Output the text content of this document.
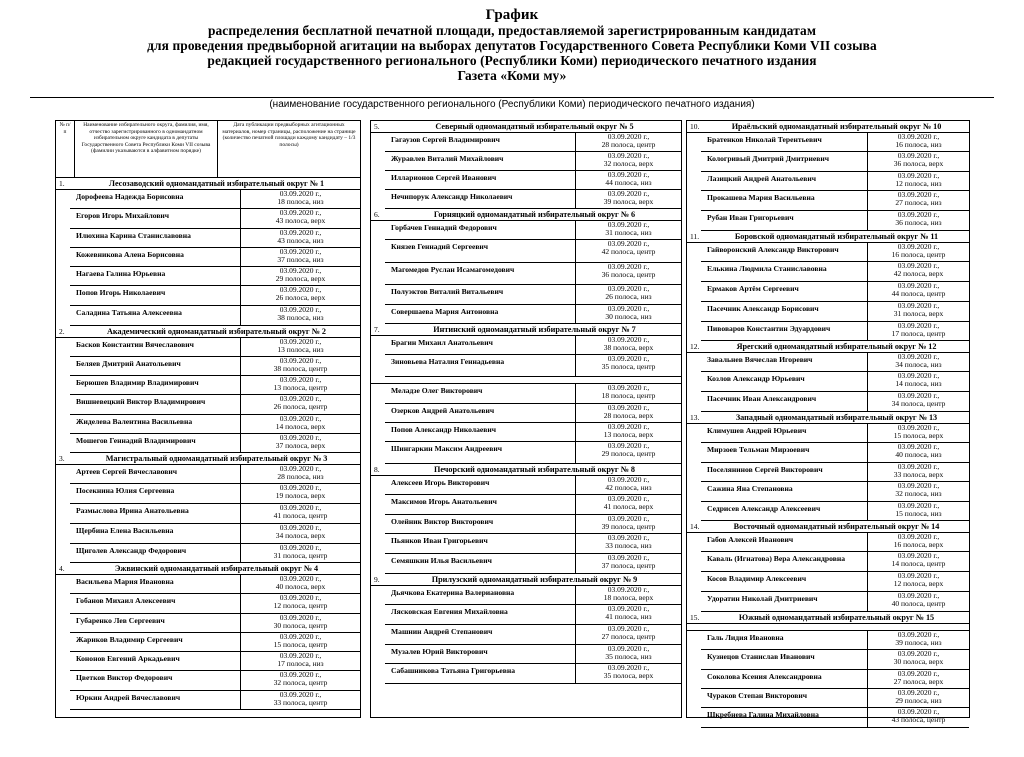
График
распределения бесплатной печатной площади, предоставляемой зарегистрированным кандидатам
для проведения предвыборной агитации на выборах депутатов Государственного Совета Республики Коми VII созыва
редакцией государственного регионального (Республики Коми) периодического печатного издания
Газета «Коми му»
(наименование государственного регионального (Республики Коми) периодического печатного издания)
№ п/п
Наименование избирательного округа, фамилия, имя, отчество зарегистрированного в одномандатном избирательном округе кандидата в депутаты Государственного Совета Республики Коми VII созыва (фамилии указываются в алфавитном порядке)
Дата публикации предвыборных агитационных материалов, номер страницы, расположение на странице (количество печатной площади каждому кандидату – 1/3 полосы)
1.	Лесозаводский одномандатный избирательный округ № 1
Дорофеева Надежда Борисовна	03.09.2020 г.,
18 полоса, низ
Егоров Игорь Михайлович	03.09.2020 г.,
43 полоса, верх
Илюхина Карина Станиславовна	03.09.2020 г.,
43 полоса, низ
Кожевникова Алена Борисовна	03.09.2020 г.,
37 полоса, низ
Нагаева Галина Юрьевна	03.09.2020 г.,
29 полоса, верх
Попов Игорь Николаевич	03.09.2020 г.,
26 полоса, верх
Саладина Татьяна Алексеевна	03.09.2020 г.,
38 полоса, низ
2.	Академический одномандатный избирательный округ № 2
Басков Константин Вячеславович	03.09.2020 г.,
13 полоса, низ
Беляев Дмитрий Анатольевич	03.09.2020 г.,
38 полоса, центр
Берюшев Владимир Владимирович	03.09.2020 г.,
13 полоса, центр
Вишневецкий Виктор Владимирович	03.09.2020 г.,
26 полоса, центр
Жиделева Валентина Васильевна	03.09.2020 г.,
14 полоса, верх
Мошегов Геннадий Владимирович	03.09.2020 г.,
37 полоса, верх
3.	Магистральный одномандатный избирательный округ № 3
Артеев Сергей Вячеславович	03.09.2020 г.,
28 полоса, низ
Посекнина Юлия Сергеевна	03.09.2020 г.,
19 полоса, верх
Размыслова Ирина Анатольевна	03.09.2020 г.,
41 полоса, центр
Щербина Елена Васильевна	03.09.2020 г.,
34 полоса, верх
Щиголев Александр Федорович	03.09.2020 г.,
31 полоса, центр
4.	Эжвинский одномандатный избирательный округ № 4
Васильева Мария Ивановна	03.09.2020 г.,
40 полоса, верх
Гобанов Михаил Алексеевич	03.09.2020 г.,
12 полоса, центр
Губаренко Лев Сергеевич	03.09.2020 г.,
30 полоса, центр
Жариков Владимир Сергеевич	03.09.2020 г.,
15 полоса, центр
Кононов Евгений Аркадьевич	03.09.2020 г.,
17 полоса, низ
Цветков Виктор Федорович	03.09.2020 г.,
32 полоса, центр
Юркин Андрей Вячеславович	03.09.2020 г.,
33 полоса, центр
5.	Северный одномандатный избирательный округ № 5
Гагаузов Сергей Владимирович	03.09.2020 г.,
28 полоса, центр
Журавлев Виталий Михайлович	03.09.2020 г.,
32 полоса, верх
Илларионов Сергей Иванович	03.09.2020 г.,
44 полоса, низ
Нечипорук Александр Николаевич	03.09.2020 г.,
39 полоса, верх
6.	Горняцкий одномандатный избирательный округ № 6
Горбачев Геннадий Федорович	03.09.2020 г.,
31 полоса, низ
Князев Геннадий Сергеевич	03.09.2020 г.,
42 полоса, центр
Магомедов Руслан Исамагомедович	03.09.2020 г.,
36 полоса, центр
Полуэктов Виталий Витальевич	03.09.2020 г.,
26 полоса, низ
Совершаева Мария Антоновна	03.09.2020 г.,
30 полоса, низ
7.	Интинский одномандатный избирательный округ № 7
Брагин Михаил Анатольевич	03.09.2020 г.,
38 полоса, верх
Зиновьева Наталия Геннадьевна	03.09.2020 г.,
35 полоса, центр
Меладзе Олег Викторович	03.09.2020 г.,
18 полоса, центр
Озерков Андрей Анатольевич	03.09.2020 г.,
28 полоса, верх
Попов Александр Николаевич	03.09.2020 г.,
13 полоса, верх
Шингаркин Максим Андреевич	03.09.2020 г.,
29 полоса, центр
8.	Печорский одномандатный избирательный округ № 8
Алексеев Игорь Викторович	03.09.2020 г.,
42 полоса, низ
Максимов Игорь Анатольевич	03.09.2020 г.,
41 полоса, верх
Олейник Виктор Викторович	03.09.2020 г.,
39 полоса, центр
Пьянков Иван Григорьевич	03.09.2020 г.,
33 полоса, низ
Семяшкин Илья Васильевич	03.09.2020 г.,
37 полоса, центр
9.	Прилузский одномандатный избирательный округ № 9
Дьячкова Екатерина Валериановна	03.09.2020 г.,
18 полоса, верх
Лясковская Евгения Михайловна	03.09.2020 г.,
41 полоса, низ
Машнин Андрей Степанович	03.09.2020 г.,
27 полоса, центр
Музалев Юрий Викторович	03.09.2020 г.,
35 полоса, низ
Сабашникова Татьяна Григорьевна	03.09.2020 г.,
35 полоса, верх
10.	Ираёльский одномандатный избирательный округ № 10
Братенков Николай Терентьевич	03.09.2020 г.,
16 полоса, низ
Кологривый Дмитрий Дмитриевич	03.09.2020 г.,
36 полоса, верх
Лазицкий Андрей Анатольевич	03.09.2020 г.,
12 полоса, низ
Прокашева Мария Васильевна	03.09.2020 г.,
27 полоса, низ
Рубан Иван Григорьевич	03.09.2020 г.,
36 полоса, низ
11.	Боровской одномандатный избирательный округ № 11
Гайворонский Александр Викторович	03.09.2020 г.,
16 полоса, центр
Елькина Людмила Станиславовна	03.09.2020 г.,
42 полоса, верх
Ермаков Артём Сергеевич	03.09.2020 г.,
44 полоса, центр
Пасечник Александр Борисович	03.09.2020 г.,
31 полоса, верх
Пивоваров Константин Эдуардович	03.09.2020 г.,
17 полоса, центр
12.	Ярегский одномандатный избирательный округ № 12
Завальнев Вячеслав Игоревич	03.09.2020 г.,
34 полоса, низ
Козлов Александр Юрьевич	03.09.2020 г.,
14 полоса, низ
Пасечник Иван Александрович	03.09.2020 г.,
34 полоса, центр
13.	Западный одномандатный избирательный округ № 13
Климушев Андрей Юрьевич	03.09.2020 г.,
15 полоса, верх
Мирзоев Тельман Мирзоевич	03.09.2020 г.,
40 полоса, низ
Поселянинов Сергей Викторович	03.09.2020 г.,
33 полоса, верх
Сажина Яна Степановна	03.09.2020 г.,
32 полоса, низ
Седрисев Александр Алексеевич	03.09.2020 г.,
15 полоса, низ
14.	Восточный одномандатный избирательный округ № 14
Габов Алексей Иванович	03.09.2020 г.,
16 полоса, верх
Каваль (Игнатова) Вера Александровна	03.09.2020 г.,
14 полоса, центр
Косов Владимир Алексеевич	03.09.2020 г.,
12 полоса, верх
Удоратин Николай Дмитриевич	03.09.2020 г.,
40 полоса, центр
15.	Южный одномандатный избирательный округ № 15
Галь Лидия Ивановна	03.09.2020 г.,
39 полоса, низ
Кузнецов Станислав Иванович	03.09.2020 г.,
30 полоса, верх
Соколова Ксения Александровна	03.09.2020 г.,
27 полоса, верх
Чураков Степан Викторович	03.09.2020 г.,
29 полоса, низ
Шкребнева Галина Михайловна	03.09.2020 г.,
43 полоса, центр
